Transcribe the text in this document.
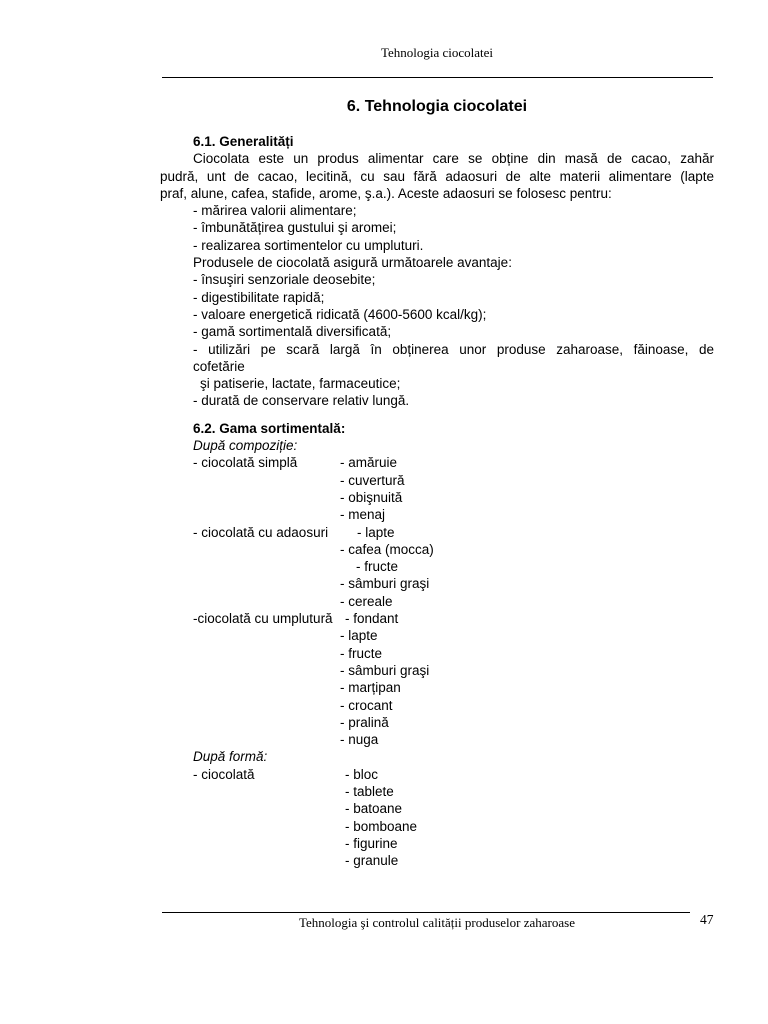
Tehnologia ciocolatei
6. Tehnologia ciocolatei
6.1. Generalități
Ciocolata este un produs alimentar care se obține din masă de cacao, zahăr
pudră, unt de cacao, lecitină, cu sau fără adaosuri de alte materii alimentare (lapte
praf, alune, cafea, stafide, arome, ş.a.). Aceste adaosuri se folosesc pentru:
- mărirea valorii alimentare;
- îmbunătățirea gustului şi aromei;
- realizarea sortimentelor cu umpluturi.
Produsele de ciocolată asigură următoarele avantaje:
- însuşiri senzoriale deosebite;
- digestibilitate rapidă;
- valoare energetică ridicată (4600-5600 kcal/kg);
- gamă sortimentală diversificată;
- utilizări pe scară largă în obținerea unor produse zaharoase, făinoase, de
cofetărie
şi patiserie, lactate, farmaceutice;
- durată de conservare relativ lungă.
6.2. Gama sortimentală:
După compoziție:
- ciocolată simplă	- amăruie
- cuvertură
- obişnuită
- menaj
- ciocolată cu adaosuri - lapte
- cafea (mocca)
- fructe
- sâmburi graşi
- cereale
-ciocolată cu umplutură - fondant
- lapte
- fructe
- sâmburi graşi
- marțipan
- crocant
- pralină
- nuga
După formă:
- ciocolată	- bloc
- tablete
- batoane
- bomboane
- figurine
- granule
Tehnologia şi controlul calității produselor zaharoase	47
